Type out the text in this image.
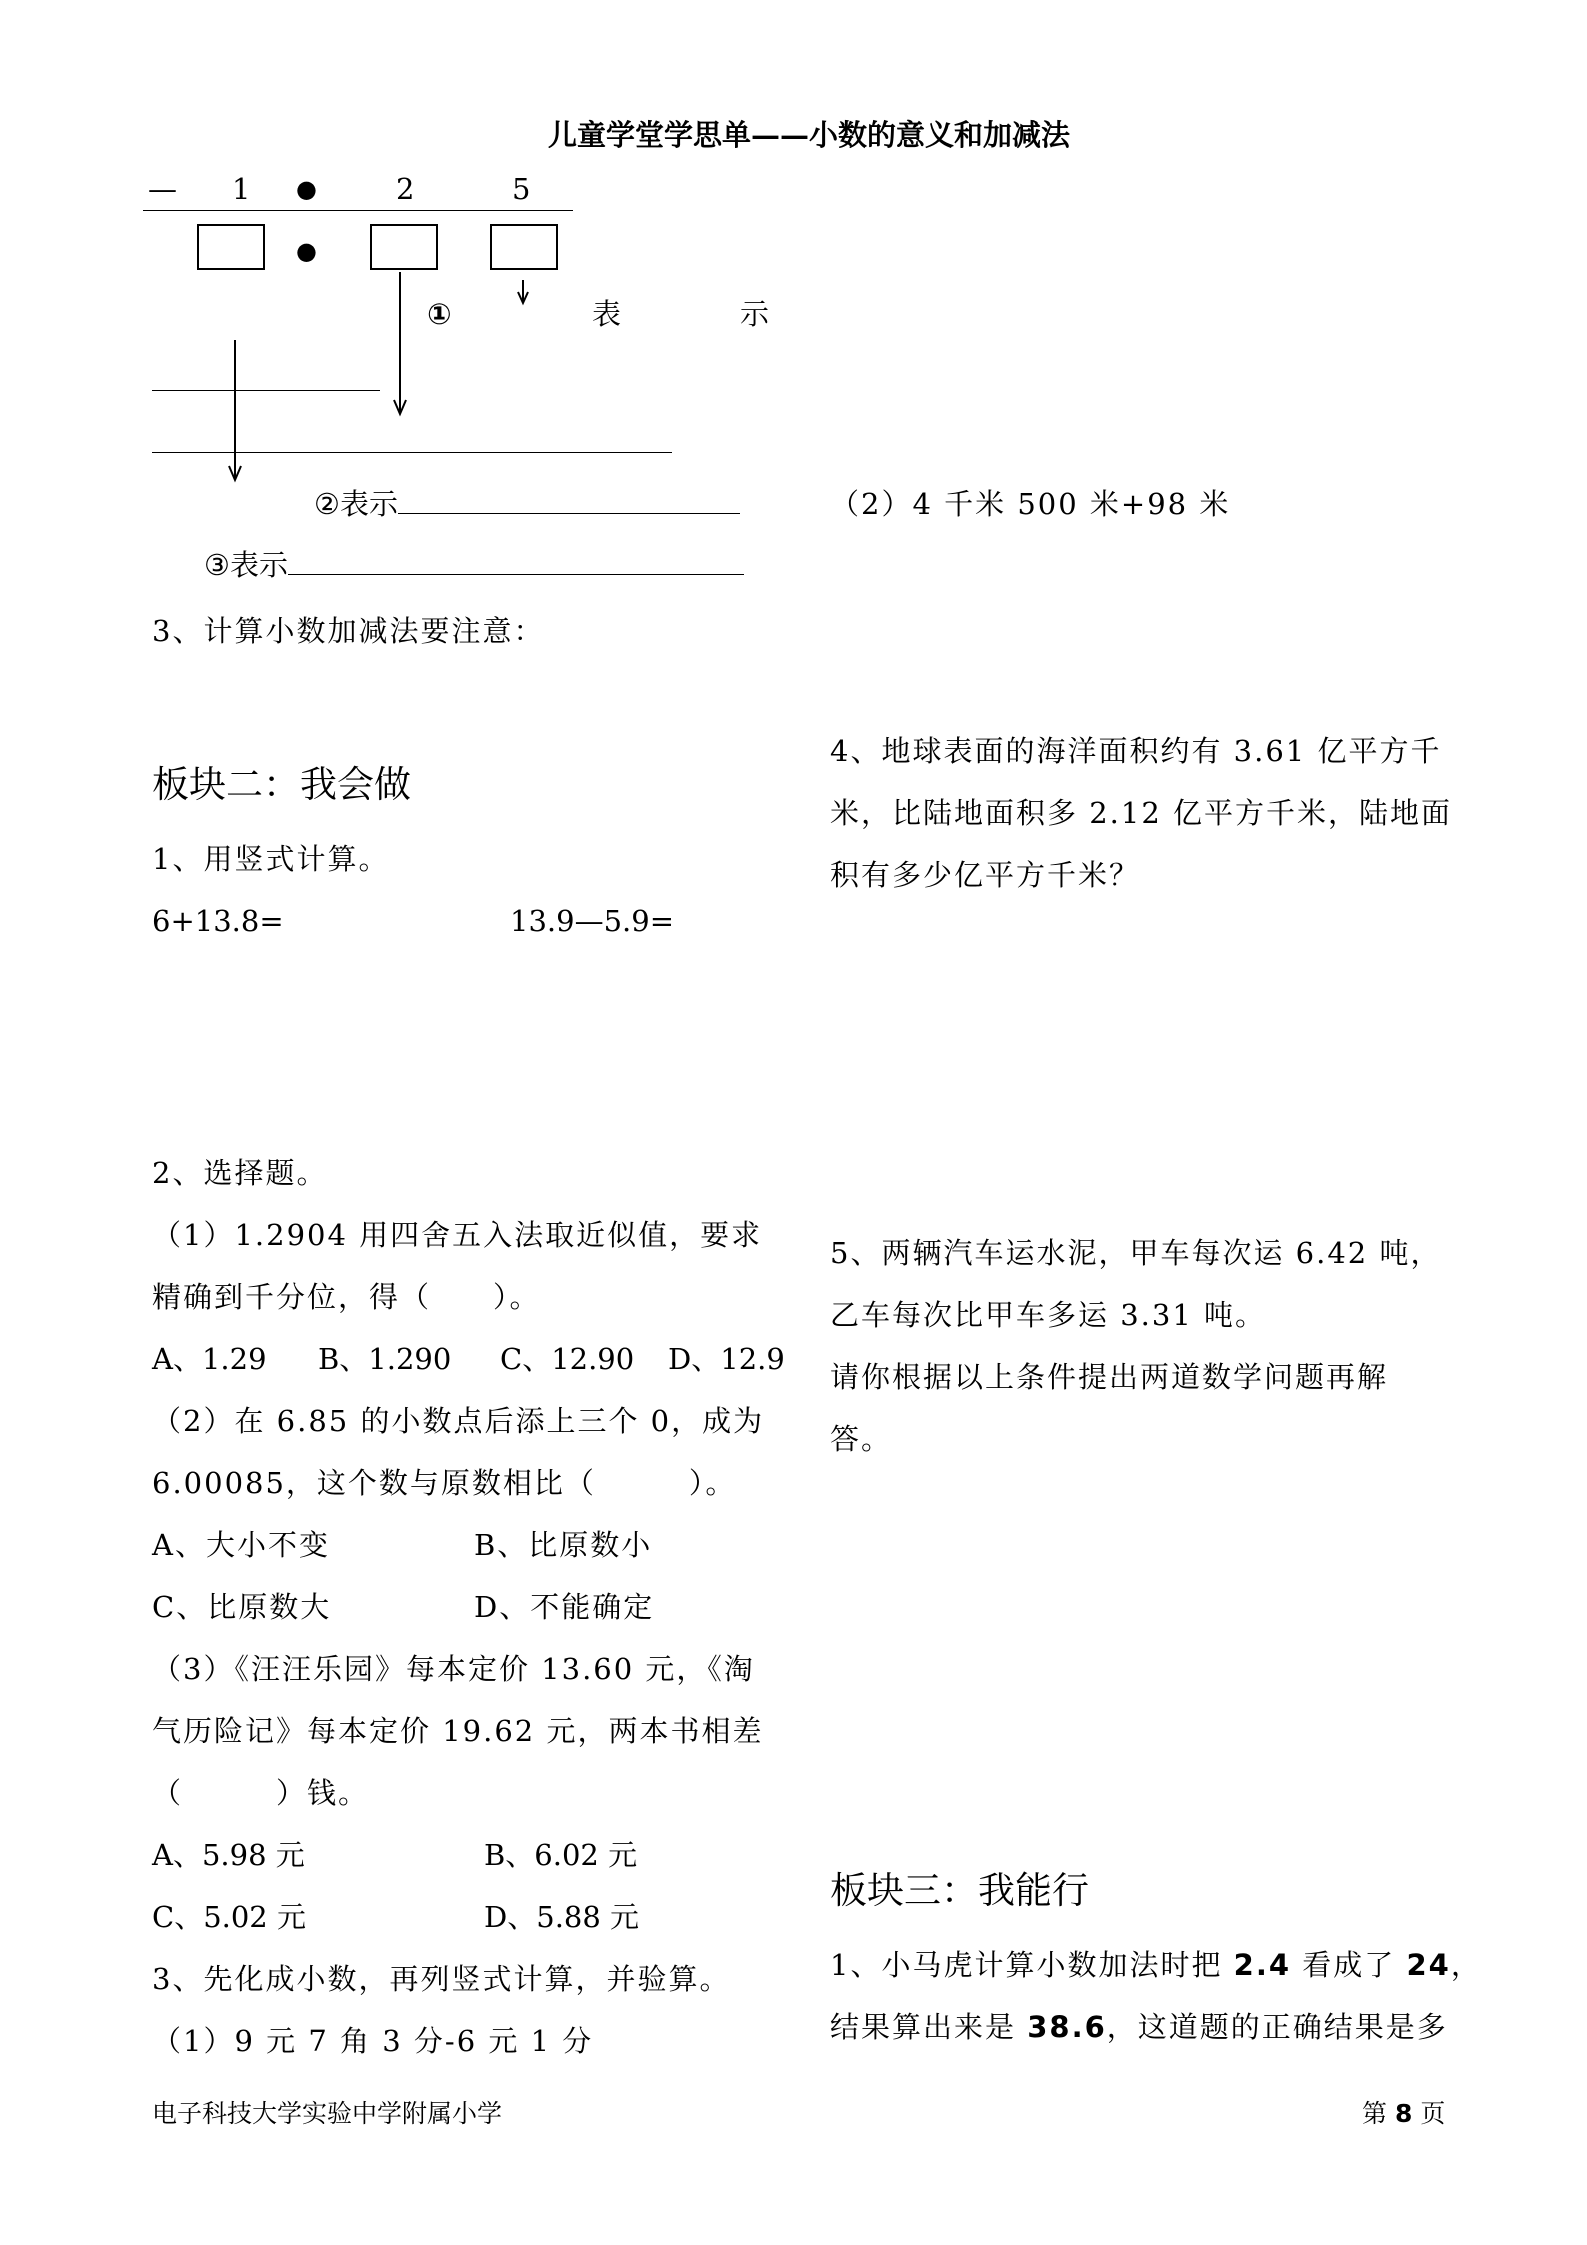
儿童学堂学思单——小数的意义和加减法
— 1 ●	2	5
●
①	表	示
②表示
③表示
（2）4 千米 500 米+98 米
3、计算小数加减法要注意：
板块二：我会做
1、用竖式计算。
6+13.8=	13.9—5.9=
2、选择题。
（1）1.2904 用四舍五入法取近似值，要求
精确到千分位，得（　　）。
A、1.29 B、1.290 C、12.90 D、12.9
（2）在 6.85 的小数点后添上三个 0，成为
6.00085，这个数与原数相比（　　　）。
A、大小不变	B、比原数小
C、比原数大	D、不能确定
（3）《汪汪乐园》每本定价 13.60 元，《淘
气历险记》每本定价 19.62 元，两本书相差
（　　　）钱。
A、5.98 元	B、6.02 元
C、5.02 元	D、5.88 元
3、先化成小数，再列竖式计算，并验算。
（1）9 元 7 角 3 分-6 元 1 分
4、地球表面的海洋面积约有 3.61 亿平方千
米，比陆地面积多 2.12 亿平方千米，陆地面
积有多少亿平方千米？
5、两辆汽车运水泥，甲车每次运 6.42 吨，
乙车每次比甲车多运 3.31 吨。
请你根据以上条件提出两道数学问题再解
答。
板块三：我能行
1、小马虎计算小数加法时把 2.4 看成了 24，
结果算出来是 38.6，这道题的正确结果是多
电子科技大学实验中学附属小学	第 8 页
